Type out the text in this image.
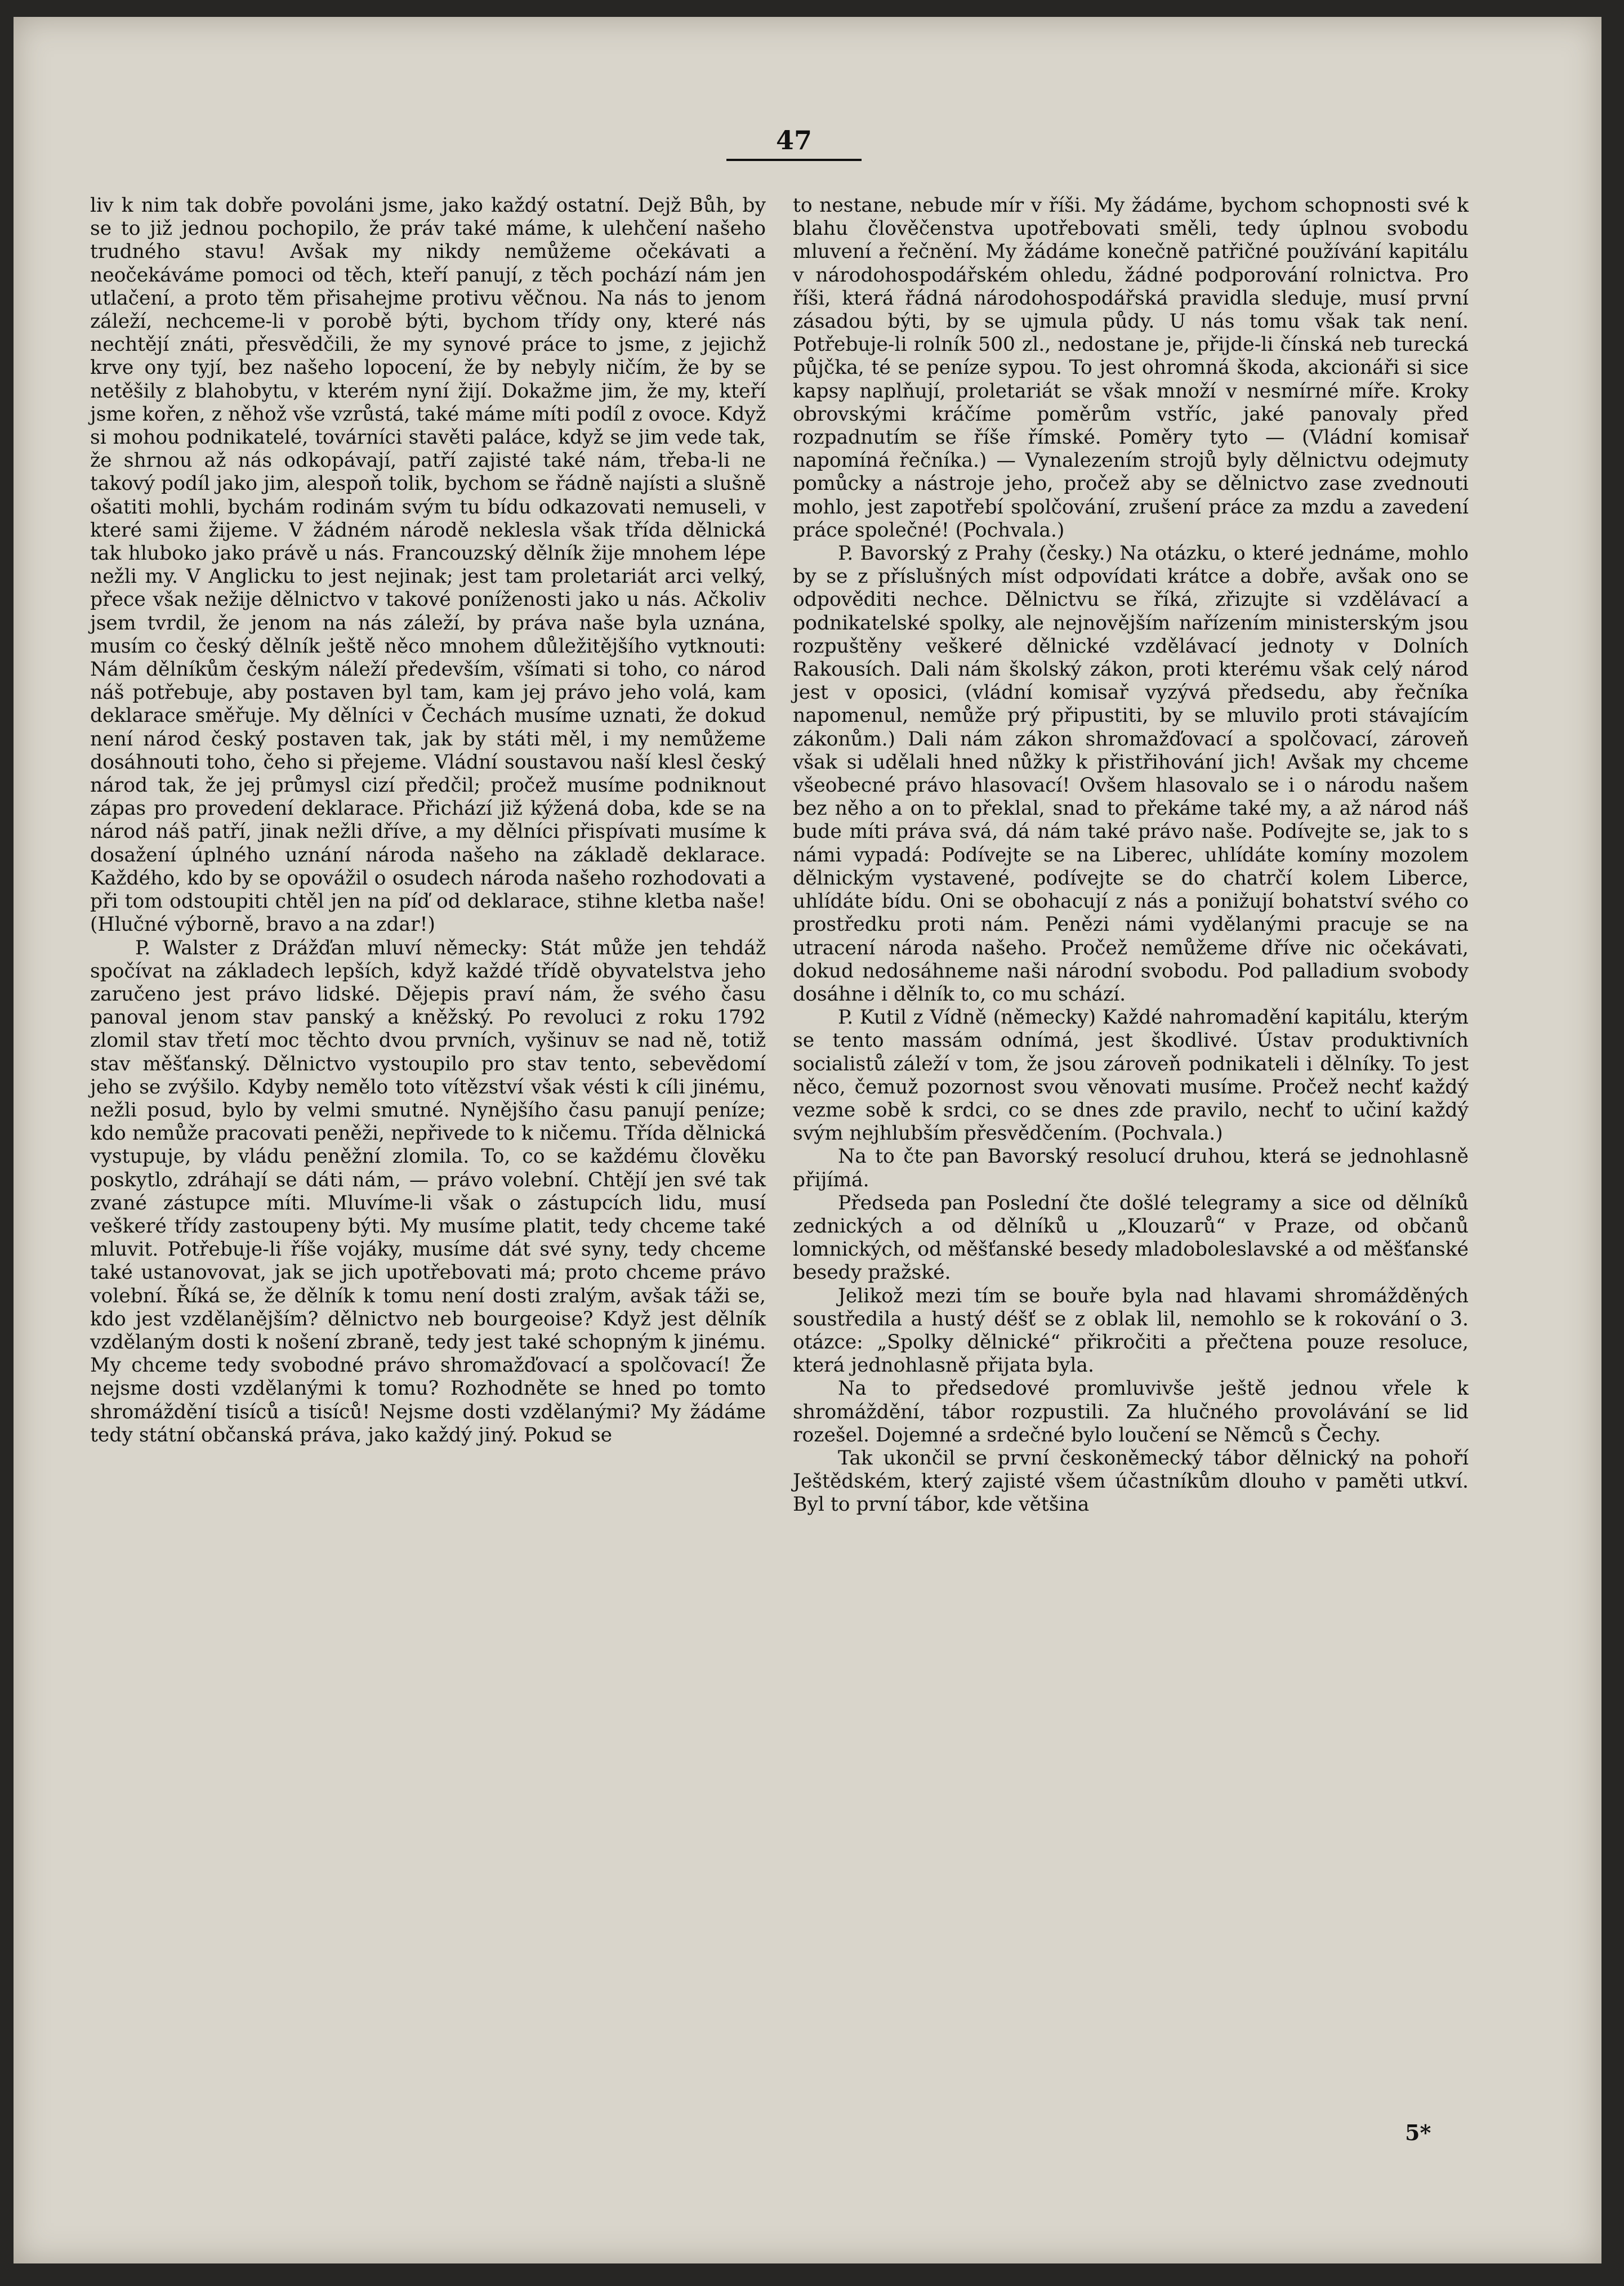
47

liv k nim tak dobře povoláni jsme, jako každý ostatní. Dejž Bůh, by se to již jednou pochopilo, že práv také máme, k ulehčení našeho trudného stavu! Avšak my nikdy nemůžeme očekávati a neočekáváme pomoci od těch, kteří panují, z těch pochází nám jen utlačení, a proto těm přisahejme protivu věčnou. Na nás to jenom záleží, nechceme-li v porobě býti, bychom třídy ony, které nás nechtějí znáti, přesvědčili, že my synové práce to jsme, z jejichž krve ony tyjí, bez našeho lopocení, že by nebyly ničím, že by se netěšily z blahobytu, v kterém nyní žijí. Dokažme jim, že my, kteří jsme kořen, z něhož vše vzrůstá, také máme míti podíl z ovoce. Když si mohou podnikatelé, továrníci stavěti paláce, když se jim vede tak, že shrnou až nás odkopávají, patří zajisté také nám, třeba-li ne takový podíl jako jim, alespoň tolik, bychom se řádně najísti a slušně ošatiti mohli, bychám rodinám svým tu bídu odkazovati nemuseli, v které sami žijeme. V žádném národě neklesla však třída dělnická tak hluboko jako právě u nás. Francouzský dělník žije mnohem lépe nežli my. V Anglicku to jest nejinak; jest tam proletariát arci velký, přece však nežije dělnictvo v takové poníženosti jako u nás. Ačkoliv jsem tvrdil, že jenom na nás záleží, by práva naše byla uznána, musím co český dělník ještě něco mnohem důležitějšího vytknouti: Nám dělníkům českým náleží především, všímati si toho, co národ náš potřebuje, aby postaven byl tam, kam jej právo jeho volá, kam deklarace směřuje. My dělníci v Čechách musíme uznati, že dokud není národ český postaven tak, jak by státi měl, i my nemůžeme dosáhnouti toho, čeho si přejeme. Vládní soustavou naší klesl český národ tak, že jej průmysl cizí předčil; pročež musíme podniknout zápas pro provedení deklarace. Přichází již kýžená doba, kde se na národ náš patří, jinak nežli dříve, a my dělníci přispívati musíme k dosažení úplného uznání národa našeho na základě deklarace. Každého, kdo by se opovážil o osudech národa našeho rozhodovati a při tom odstoupiti chtěl jen na píď od deklarace, stihne kletba naše! (Hlučné výborně, bravo a na zdar!)

P. Walster z Drážďan mluví německy: Stát může jen tehdáž spočívat na základech lepších, když každé třídě obyvatelstva jeho zaručeno jest právo lidské. Dějepis praví nám, že svého času panoval jenom stav panský a kněžský. Po revoluci z roku 1792 zlomil stav třetí moc těchto dvou prvních, vyšinuv se nad ně, totiž stav měšťanský. Dělnictvo vystoupilo pro stav tento, sebevědomí jeho se zvýšilo. Kdyby nemělo toto vítězství však vésti k cíli jinému, nežli posud, bylo by velmi smutné. Nynějšího času panují peníze; kdo nemůže pracovati peněži, nepřivede to k ničemu. Třída dělnická vystupuje, by vládu peněžní zlomila. To, co se každému člověku poskytlo, zdráhají se dáti nám, — právo volební. Chtějí jen své tak zvané zástupce míti. Mluvíme-li však o zástupcích lidu, musí veškeré třídy zastoupeny býti. My musíme platit, tedy chceme také mluvit. Potřebuje-li říše vojáky, musíme dát své syny, tedy chceme také ustanovovat, jak se jich upotřebovati má; proto chceme právo volební. Říká se, že dělník k tomu není dosti zralým, avšak táži se, kdo jest vzdělanějším? dělnictvo neb bourgeoise? Když jest dělník vzdělaným dosti k nošení zbraně, tedy jest také schopným k jinému. My chceme tedy svobodné právo shromažďovací a spolčovací! Že nejsme dosti vzdělanými k tomu? Rozhodněte se hned po tomto shromáždění tisíců a tisíců! Nejsme dosti vzdělanými? My žádáme tedy státní občanská práva, jako každý jiný. Pokud se

to nestane, nebude mír v říši. My žádáme, bychom schopnosti své k blahu člověčenstva upotřebovati směli, tedy úplnou svobodu mluvení a řečnění. My žádáme konečně patřičné používání kapitálu v národohospodářském ohledu, žádné podporování rolnictva. Pro říši, která řádná národohospodářská pravidla sleduje, musí první zásadou býti, by se ujmula půdy. U nás tomu však tak není. Potřebuje-li rolník 500 zl., nedostane je, přijde-li čínská neb turecká půjčka, té se peníze sypou. To jest ohromná škoda, akcionáři si sice kapsy naplňují, proletariát se však množí v nesmírné míře. Kroky obrovskými kráčíme poměrům vstříc, jaké panovaly před rozpadnutím se říše římské. Poměry tyto — (Vládní komisař napomíná řečníka.) — Vynalezením strojů byly dělnictvu odejmuty pomůcky a nástroje jeho, pročež aby se dělnictvo zase zvednouti mohlo, jest zapotřebí spolčování, zrušení práce za mzdu a zavedení práce společné! (Pochvala.)

P. Bavorský z Prahy (česky.) Na otázku, o které jednáme, mohlo by se z příslušných míst odpovídati krátce a dobře, avšak ono se odpověditi nechce. Dělnictvu se říká, zřizujte si vzdělávací a podnikatelské spolky, ale nejnovějším nařízením ministerským jsou rozpuštěny veškeré dělnické vzdělávací jednoty v Dolních Rakousích. Dali nám školský zákon, proti kterému však celý národ jest v oposici, (vládní komisař vyzývá předsedu, aby řečníka napomenul, nemůže prý připustiti, by se mluvilo proti stávajícím zákonům.) Dali nám zákon shromažďovací a spolčovací, zároveň však si udělali hned nůžky k přistřihování jich! Avšak my chceme všeobecné právo hlasovací! Ovšem hlasovalo se i o národu našem bez něho a on to překlal, snad to překáme také my, a až národ náš bude míti práva svá, dá nám také právo naše. Podívejte se, jak to s námi vypadá: Podívejte se na Liberec, uhlídáte komíny mozolem dělnickým vystavené, podívejte se do chatrčí kolem Liberce, uhlídáte bídu. Oni se obohacují z nás a ponižují bohatství svého co prostředku proti nám. Penězi námi vydělanými pracuje se na utracení národa našeho. Pročež nemůžeme dříve nic očekávati, dokud nedosáhneme naši národní svobodu. Pod palladium svobody dosáhne i dělník to, co mu schází.

P. Kutil z Vídně (německy) Každé nahromadění kapitálu, kterým se tento massám odnímá, jest škodlivé. Ústav produktivních socialistů záleží v tom, že jsou zároveň podnikateli i dělníky. To jest něco, čemuž pozornost svou věnovati musíme. Pročež nechť každý vezme sobě k srdci, co se dnes zde pravilo, nechť to učiní každý svým nejhlubším přesvědčením. (Pochvala.)

Na to čte pan Bavorský resolucí druhou, která se jednohlasně přijímá.

Předseda pan Poslední čte došlé telegramy a sice od dělníků zednických a od dělníků u „Klouzarů“ v Praze, od občanů lomnických, od měšťanské besedy mladoboleslavské a od měšťanské besedy pražské.

Jelikož mezi tím se bouře byla nad hlavami shromážděných soustředila a hustý déšť se z oblak lil, nemohlo se k rokování o 3. otázce: „Spolky dělnické“ přikročiti a přečtena pouze resoluce, která jednohlasně přijata byla.

Na to předsedové promluvivše ještě jednou vřele k shromáždění, tábor rozpustili. Za hlučného provolávání se lid rozešel. Dojemné a srdečné bylo loučení se Němců s Čechy.

Tak ukončil se první českoněmecký tábor dělnický na pohoří Ještědském, který zajisté všem účastníkům dlouho v paměti utkví. Byl to první tábor, kde většina

5*
